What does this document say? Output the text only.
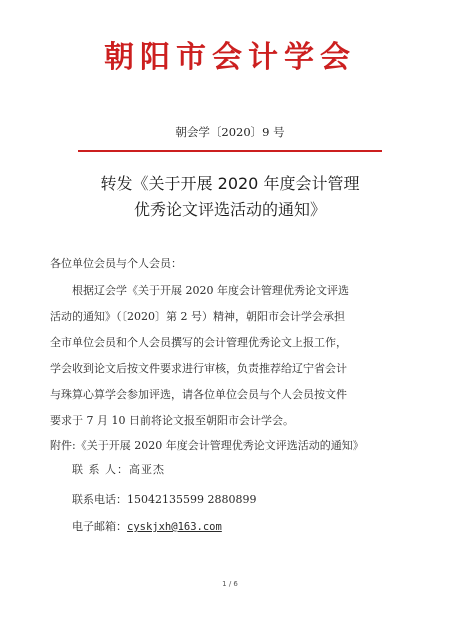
朝阳市会计学会
朝会学〔2020〕9 号
转发《关于开展 2020 年度会计管理
优秀论文评选活动的通知》
各位单位会员与个人会员：
根据辽会学《关于开展 2020 年度会计管理优秀论文评选
活动的通知》（〔2020〕第 2 号）精神，朝阳市会计学会承担
全市单位会员和个人会员撰写的会计管理优秀论文上报工作，
学会收到论文后按文件要求进行审核，负责推荐给辽宁省会计
与珠算心算学会参加评选，请各位单位会员与个人会员按文件
要求于 7 月 10 日前将论文报至朝阳市会计学会。
附件:《关于开展 2020 年度会计管理优秀论文评选活动的通知》
联 系 人：高亚杰
联系电话：15042135599 2880899
电子邮箱：cyskjxh@163.com
1 / 6
